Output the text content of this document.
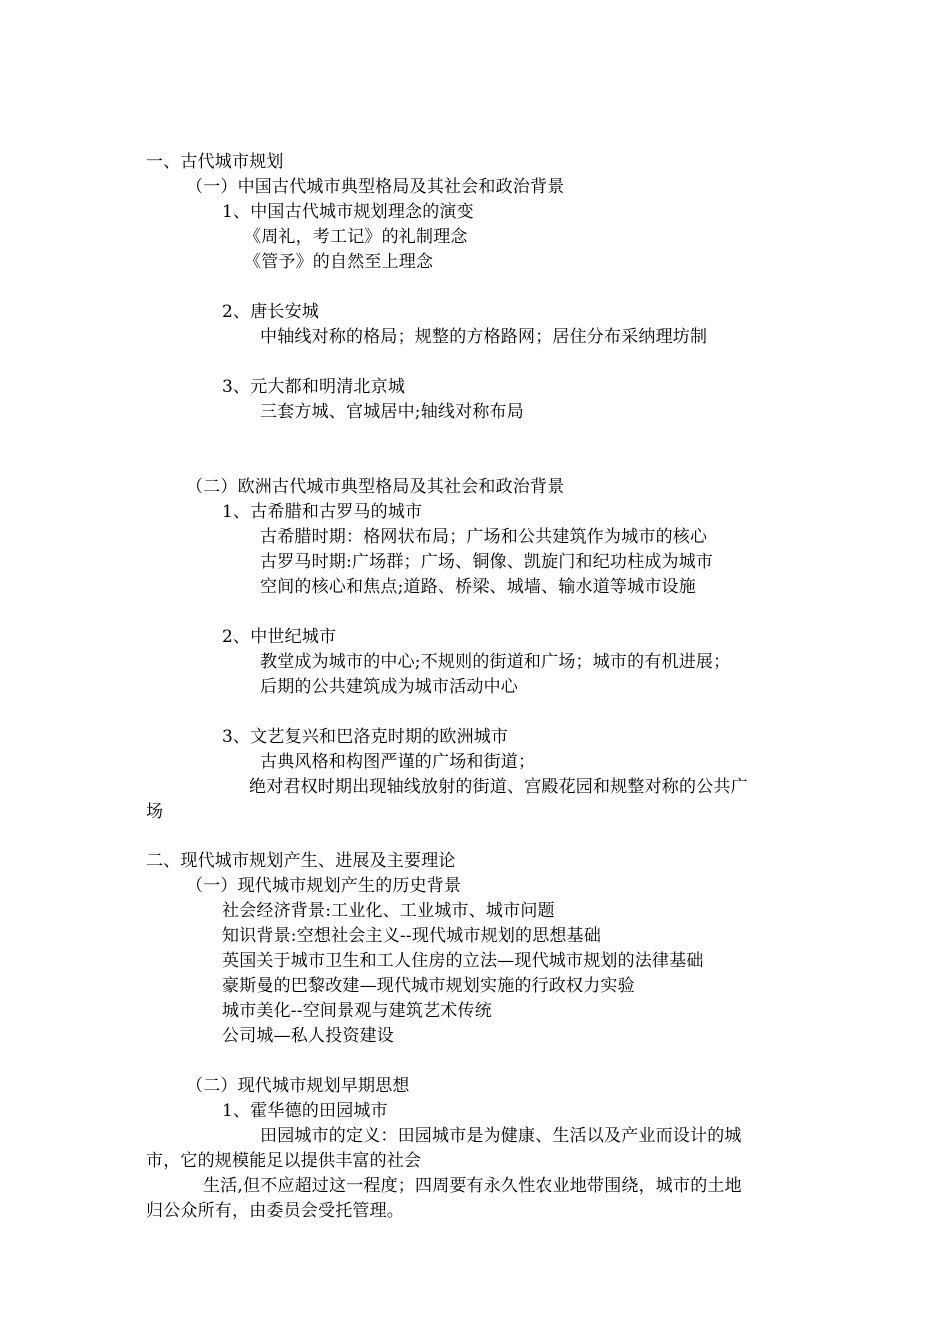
一、古代城市规划
（一）中国古代城市典型格局及其社会和政治背景
1、中国古代城市规划理念的演变
《周礼，考工记》的礼制理念
《管予》的自然至上理念
2、唐长安城
中轴线对称的格局；规整的方格路网；居住分布采纳理坊制
3、元大都和明清北京城
三套方城、官城居中;轴线对称布局
（二）欧洲古代城市典型格局及其社会和政治背景
1、古希腊和古罗马的城市
古希腊时期：格网状布局；广场和公共建筑作为城市的核心
古罗马时期:广场群；广场、铜像、凯旋门和纪功柱成为城市
空间的核心和焦点;道路、桥梁、城墙、输水道等城市设施
2、中世纪城市
教堂成为城市的中心;不规则的街道和广场；城市的有机进展；
后期的公共建筑成为城市活动中心
3、文艺复兴和巴洛克时期的欧洲城市
古典风格和构图严谨的广场和街道；
绝对君权时期出现轴线放射的街道、宫殿花园和规整对称的公共广
场
二、现代城市规划产生、进展及主要理论
（一）现代城市规划产生的历史背景
社会经济背景:工业化、工业城市、城市问题
知识背景:空想社会主义--现代城市规划的思想基础
英国关于城市卫生和工人住房的立法—现代城市规划的法律基础
豪斯曼的巴黎改建—现代城市规划实施的行政权力实验
城市美化--空间景观与建筑艺术传统
公司城—私人投资建设
（二）现代城市规划早期思想
1、霍华德的田园城市
田园城市的定义：田园城市是为健康、生活以及产业而设计的城
市，它的规模能足以提供丰富的社会
生活,但不应超过这一程度；四周要有永久性农业地带围绕，城市的土地
归公众所有，由委员会受托管理。
